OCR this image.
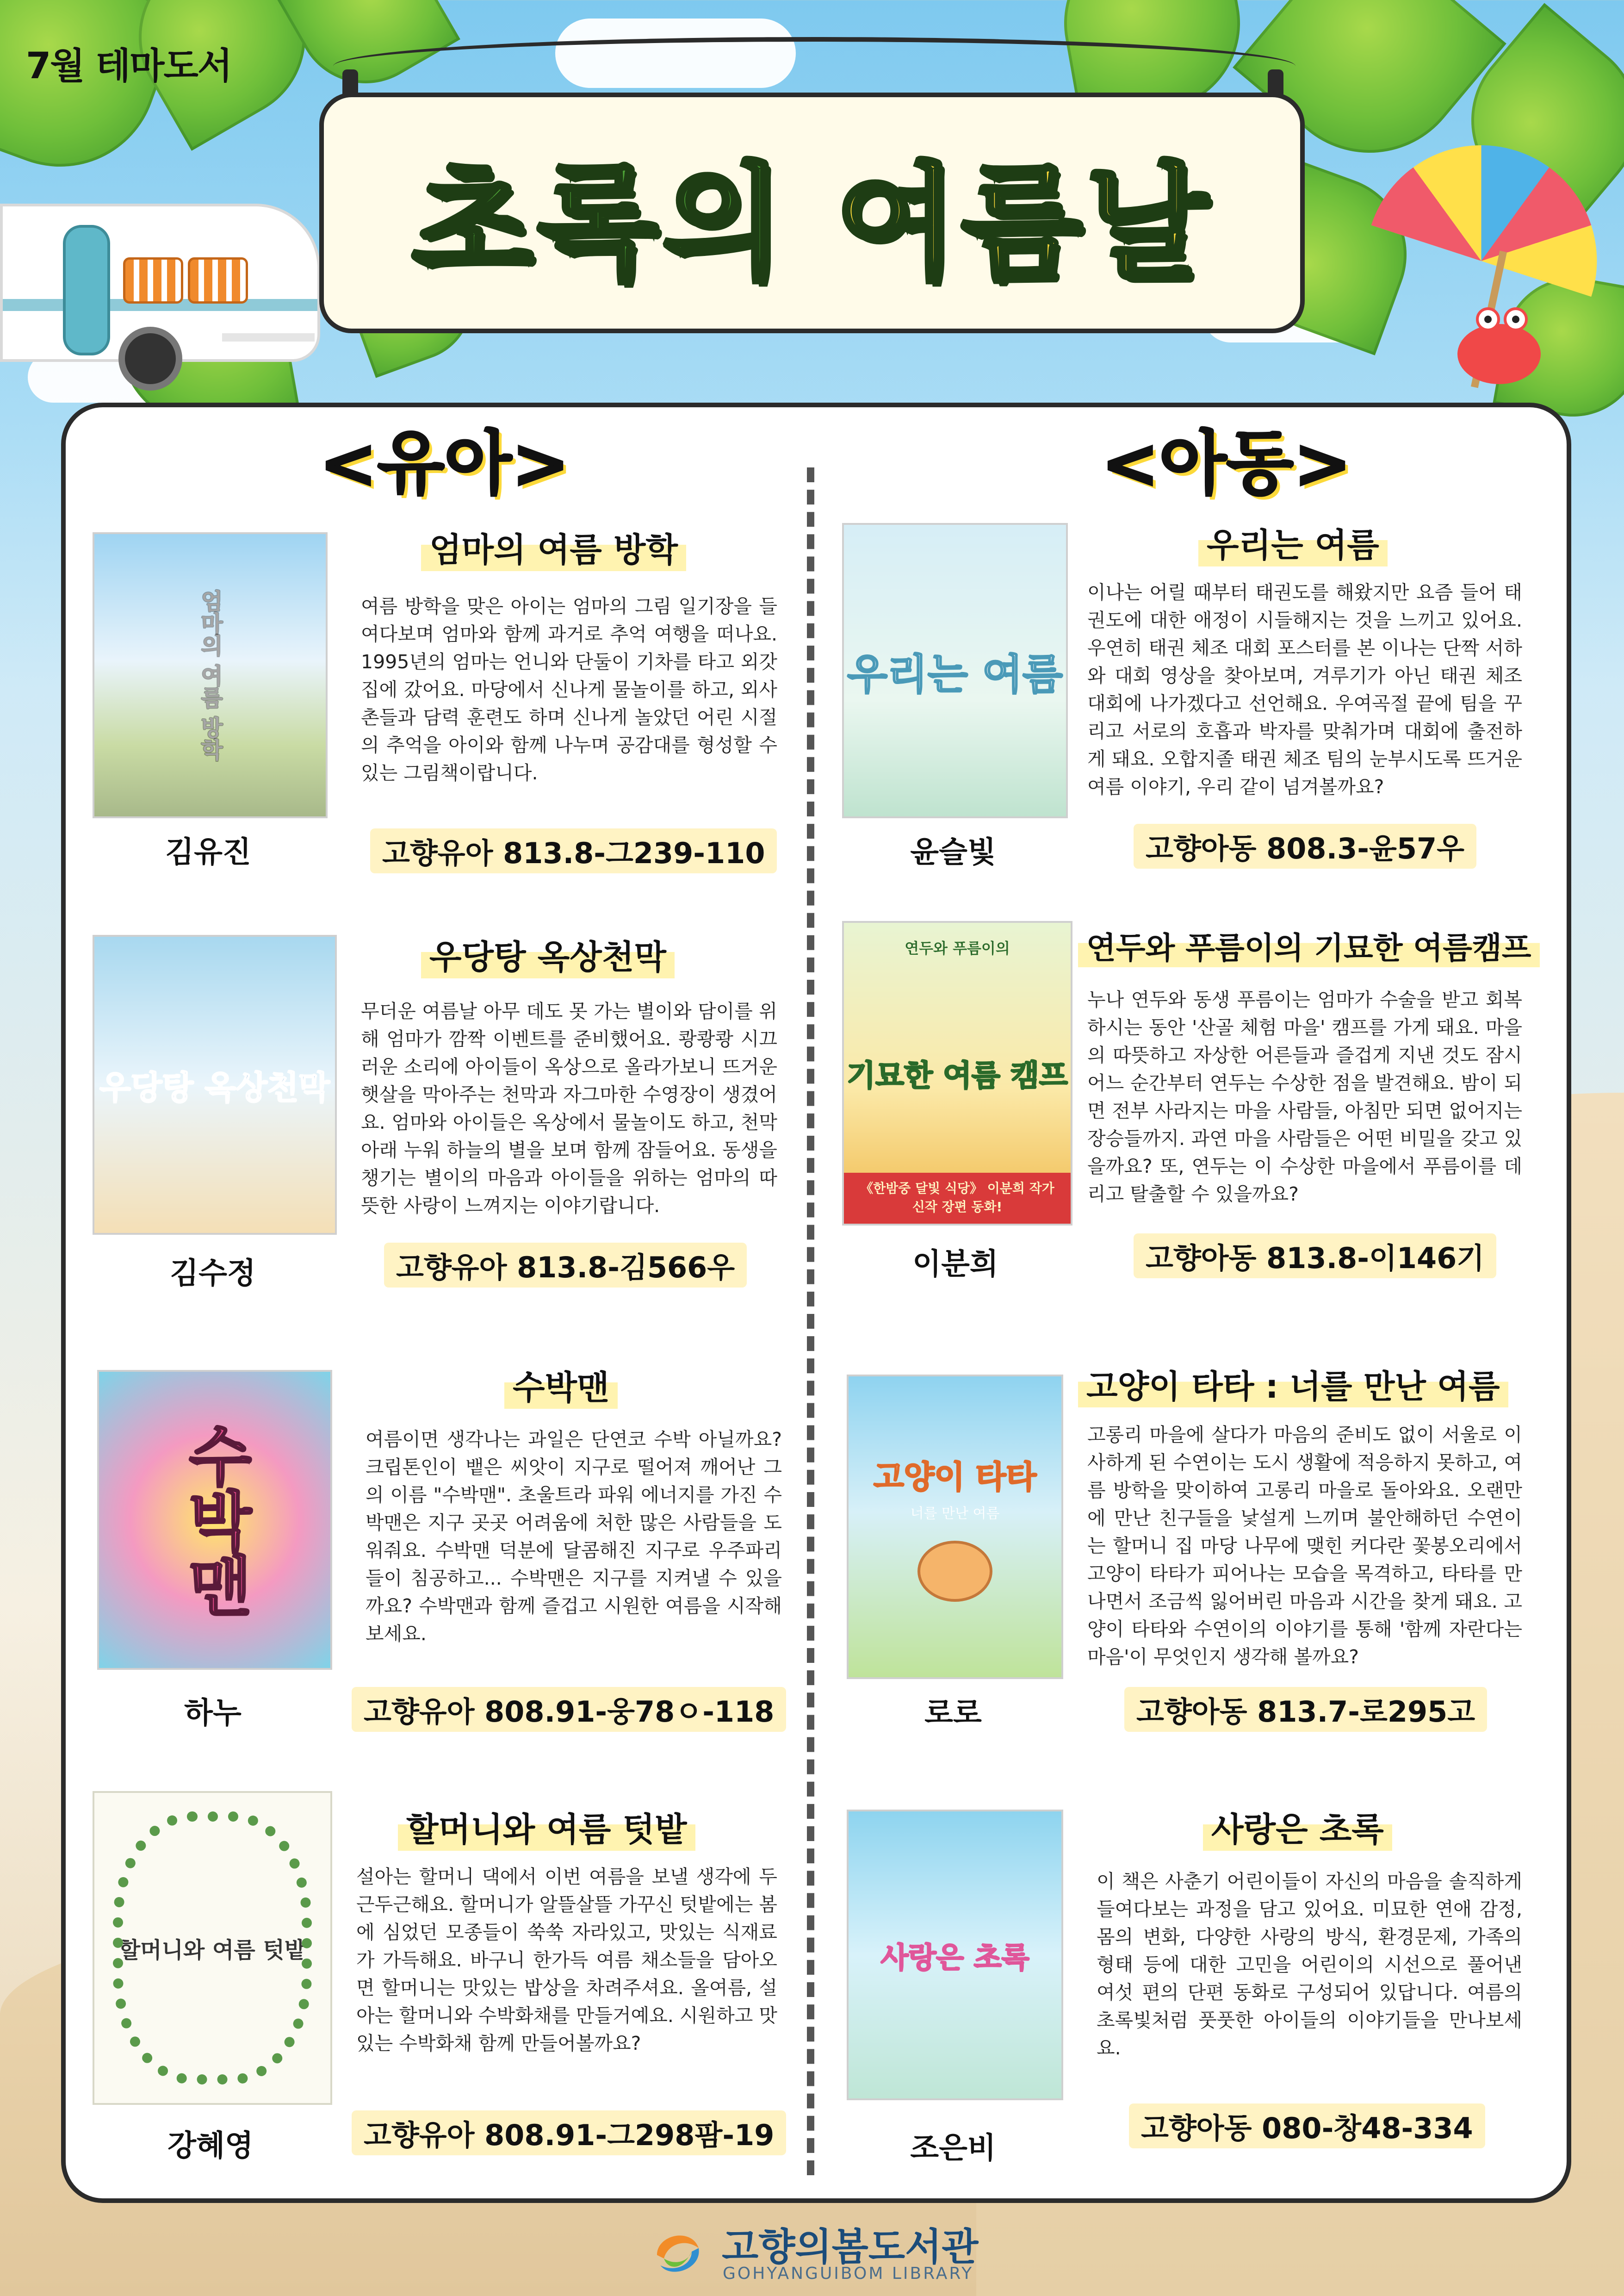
7월 테마도서
초록의 여름날
<유아>	<아동>
엄마의 여름 방학
김유진
엄마의 여름 방학

여름 방학을 맞은 아이는 엄마의 그림 일기장을 들여다보며 엄마와 함께 과거로 추억 여행을 떠나요. 1995년의 엄마는 언니와 단둘이 기차를 타고 외갓집에 갔어요. 마당에서 신나게 물놀이를 하고, 외사촌들과 담력 훈련도 하며 신나게 놀았던 어린 시절의 추억을 아이와 함께 나누며 공감대를 형성할 수 있는 그림책이랍니다.

고향유아 813.8-그239-110
우당탕 옥상천막
김수정
우당탕 옥상천막

무더운 여름날 아무 데도 못 가는 별이와 담이를 위해 엄마가 깜짝 이벤트를 준비했어요. 쾅쾅쾅 시끄러운 소리에 아이들이 옥상으로 올라가보니 뜨거운 햇살을 막아주는 천막과 자그마한 수영장이 생겼어요. 엄마와 아이들은 옥상에서 물놀이도 하고, 천막 아래 누워 하늘의 별을 보며 함께 잠들어요. 동생을 챙기는 별이의 마음과 아이들을 위하는 엄마의 따뜻한 사랑이 느껴지는 이야기랍니다.

고향유아 813.8-김566우
수박맨
하누
수박맨

여름이면 생각나는 과일은 단연코 수박 아닐까요? 크립톤인이 뱉은 씨앗이 지구로 떨어져 깨어난 그의 이름 "수박맨". 초울트라 파워 에너지를 가진 수박맨은 지구 곳곳 어려움에 처한 많은 사람들을 도워줘요. 수박맨 덕분에 달콤해진 지구로 우주파리들이 침공하고... 수박맨은 지구를 지켜낼 수 있을까요? 수박맨과 함께 즐겁고 시원한 여름을 시작해보세요.

고향유아 808.91-웅78ㅇ-118
할머니와 여름 텃밭
강혜영
할머니와 여름 텃밭

설아는 할머니 댁에서 이번 여름을 보낼 생각에 두근두근해요. 할머니가 알뜰살뜰 가꾸신 텃밭에는 봄에 심었던 모종들이 쑥쑥 자라있고, 맛있는 식재료가 가득해요. 바구니 한가득 여름 채소들을 담아오면 할머니는 맛있는 밥상을 차려주셔요. 올여름, 설아는 할머니와 수박화채를 만들거예요. 시원하고 맛있는 수박화채 함께 만들어볼까요?

고향유아 808.91-그298팜-19
우리는 여름
윤슬빛
우리는 여름

이나는 어릴 때부터 태권도를 해왔지만 요즘 들어 태권도에 대한 애정이 시들해지는 것을 느끼고 있어요. 우연히 태권 체조 대회 포스터를 본 이나는 단짝 서하와 대회 영상을 찾아보며, 겨루기가 아닌 태권 체조 대회에 나가겠다고 선언해요. 우여곡절 끝에 팀을 꾸리고 서로의 호흡과 박자를 맞춰가며 대회에 출전하게 돼요. 오합지졸 태권 체조 팀의 눈부시도록 뜨거운 여름 이야기, 우리 같이 넘겨볼까요?

고향아동 808.3-윤57우
연두와 푸름이의
기묘한 여름 캠프
《한밤중 달빛 식당》 이분희 작가 신작 장편 동화!
이분희
연두와 푸름이의 기묘한 여름캠프

누나 연두와 동생 푸름이는 엄마가 수술을 받고 회복하시는 동안 '산골 체험 마을' 캠프를 가게 돼요. 마을의 따뜻하고 자상한 어른들과 즐겁게 지낸 것도 잠시 어느 순간부터 연두는 수상한 점을 발견해요. 밤이 되면 전부 사라지는 마을 사람들, 아침만 되면 없어지는 장승들까지. 과연 마을 사람들은 어떤 비밀을 갖고 있을까요? 또, 연두는 이 수상한 마을에서 푸름이를 데리고 탈출할 수 있을까요?

고향아동 813.8-이146기
고양이 타타
너를 만난 여름
로로
고양이 타타 : 너를 만난 여름

고롱리 마을에 살다가 마음의 준비도 없이 서울로 이사하게 된 수연이는 도시 생활에 적응하지 못하고, 여름 방학을 맞이하여 고롱리 마을로 돌아와요. 오랜만에 만난 친구들을 낯설게 느끼며 불안해하던 수연이는 할머니 집 마당 나무에 맺힌 커다란 꽃봉오리에서 고양이 타타가 피어나는 모습을 목격하고, 타타를 만나면서 조금씩 잃어버린 마음과 시간을 찾게 돼요. 고양이 타타와 수연이의 이야기를 통해 '함께 자란다는 마음'이 무엇인지 생각해 볼까요?

고향아동 813.7-로295고
사랑은 초록
조은비
사랑은 초록

이 책은 사춘기 어린이들이 자신의 마음을 솔직하게 들여다보는 과정을 담고 있어요. 미묘한 연애 감정, 몸의 변화, 다양한 사랑의 방식, 환경문제, 가족의 형태 등에 대한 고민을 어린이의 시선으로 풀어낸 여섯 편의 단편 동화로 구성되어 있답니다. 여름의 초록빛처럼 풋풋한 아이들의 이야기들을 만나보세요.

고향아동 080-창48-334
고향의봄도서관
GOHYANGUIBOM LIBRARY
